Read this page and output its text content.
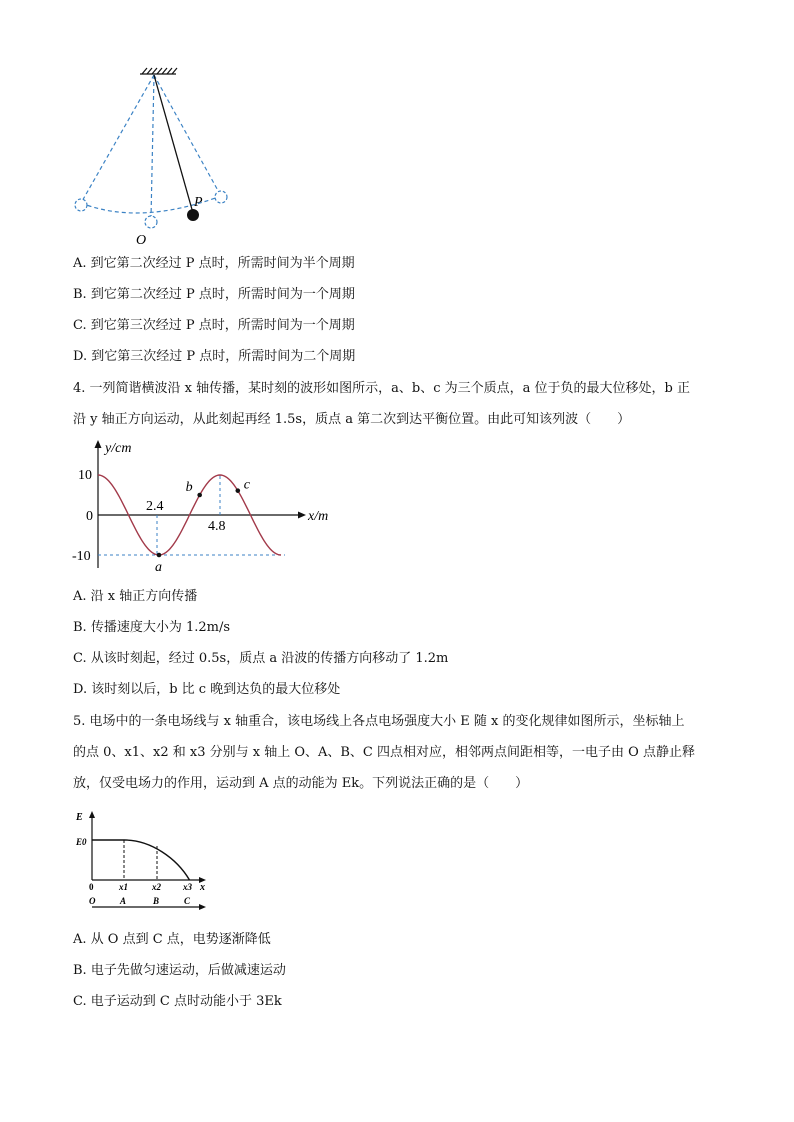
P
O
A. 到它第二次经过 P 点时，所需时间为半个周期
B. 到它第二次经过 P 点时，所需时间为一个周期
C. 到它第三次经过 P 点时，所需时间为一个周期
D. 到它第三次经过 P 点时，所需时间为二个周期
4. 一列简谐横波沿 x 轴传播，某时刻的波形如图所示，a、b、c 为三个质点，a 位于负的最大位移处，b 正
沿 y 轴正方向运动，从此刻起再经 1.5s，质点 a 第二次到达平衡位置。由此可知该列波（　　）
y/cm
x/m
10
0
-10
2.4
4.8
a
b	c
A. 沿 x 轴正方向传播
B. 传播速度大小为 1.2m/s
C. 从该时刻起，经过 0.5s，质点 a 沿波的传播方向移动了 1.2m
D. 该时刻以后，b 比 c 晚到达负的最大位移处
5. 电场中的一条电场线与 x 轴重合，该电场线上各点电场强度大小 E 随 x 的变化规律如图所示，坐标轴上
的点 0、x1、x2 和 x3 分别与 x 轴上 O、A、B、C 四点相对应，相邻两点间距相等，一电子由 O 点静止释
放，仅受电场力的作用，运动到 A 点的动能为 Ek。下列说法正确的是（　　）
E
E0
x
0	x1	x2 x3
O	A	B	C
A. 从 O 点到 C 点，电势逐渐降低
B. 电子先做匀速运动，后做减速运动
C. 电子运动到 C 点时动能小于 3Ek
